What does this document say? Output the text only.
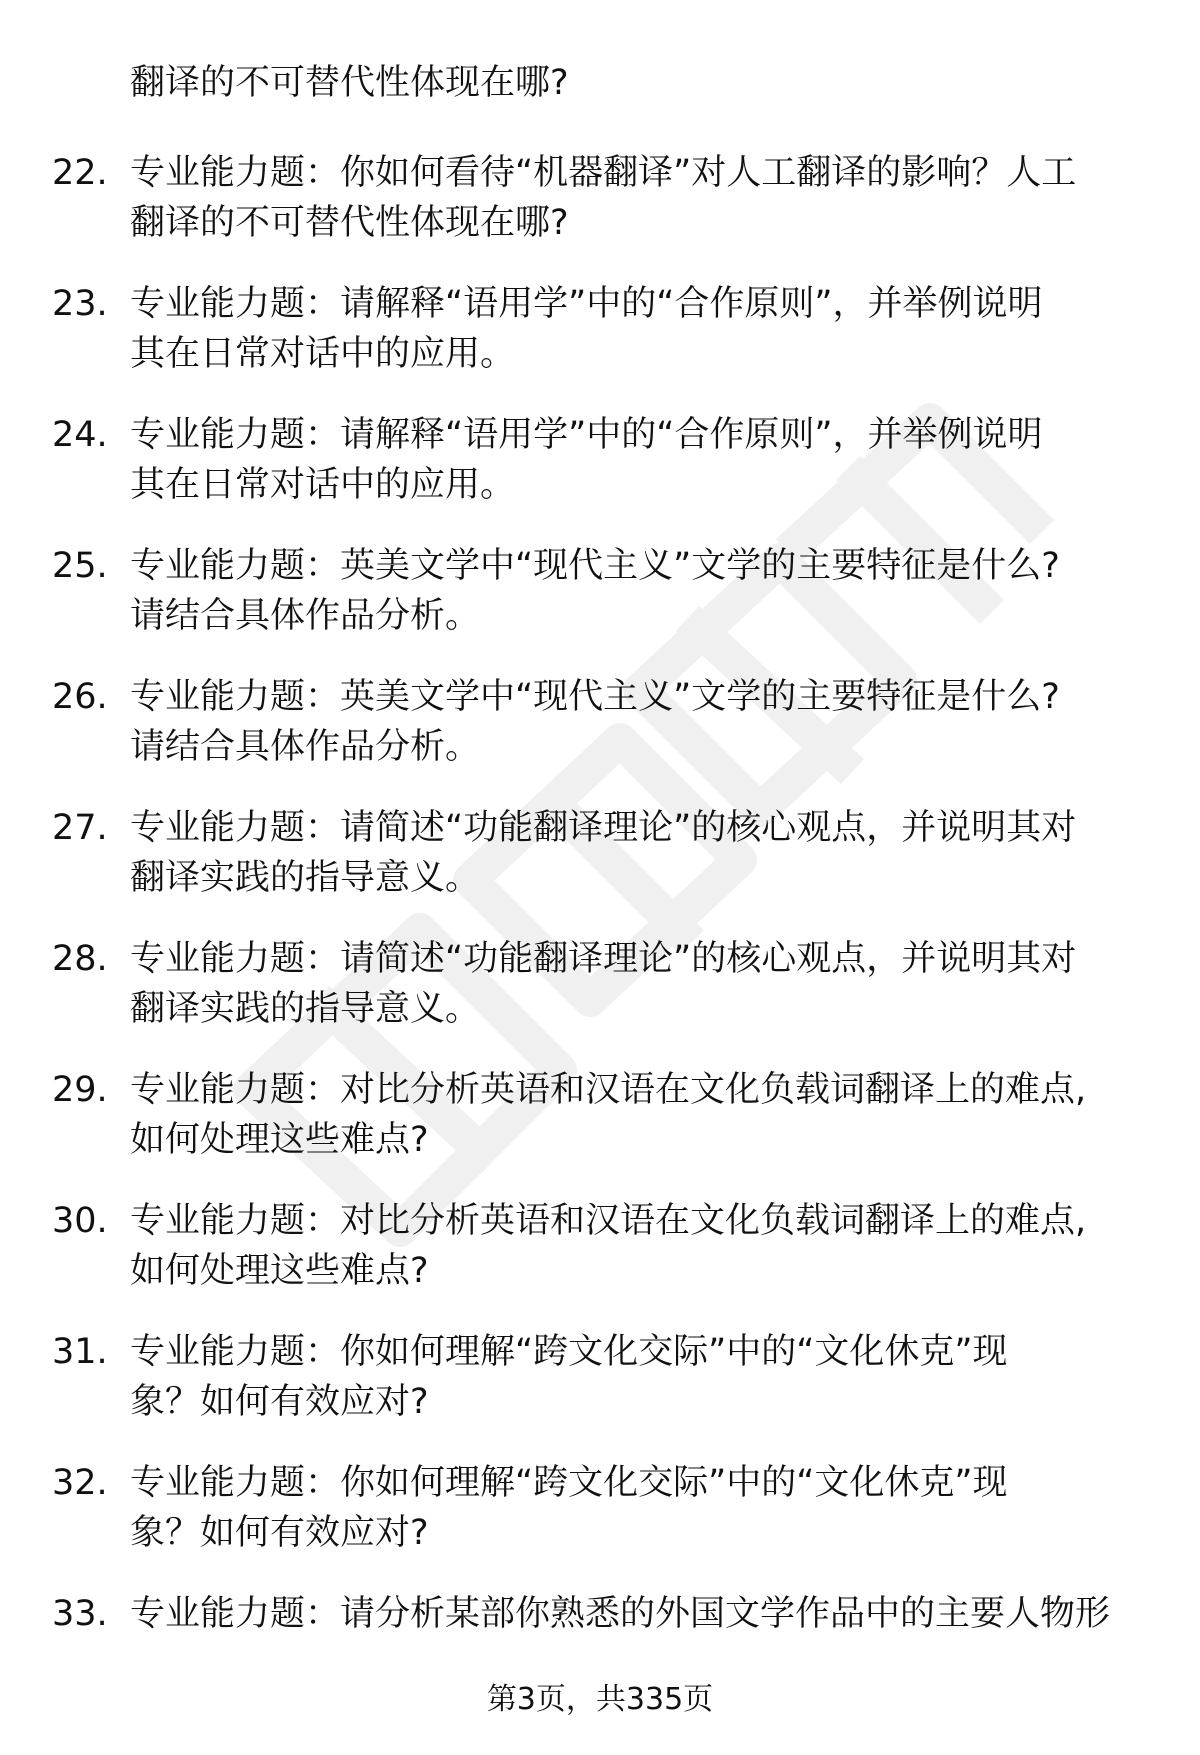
翻译的不可替代性体现在哪?
22. 专业能力题：你如何看待“机器翻译”对人工翻译的影响？人工
翻译的不可替代性体现在哪?
23. 专业能力题：请解释“语用学”中的“合作原则”，并举例说明
其在日常对话中的应用。
24. 专业能力题：请解释“语用学”中的“合作原则”，并举例说明
其在日常对话中的应用。
25. 专业能力题：英美文学中“现代主义”文学的主要特征是什么?
请结合具体作品分析。
26. 专业能力题：英美文学中“现代主义”文学的主要特征是什么?
请结合具体作品分析。
27. 专业能力题：请简述“功能翻译理论”的核心观点，并说明其对
翻译实践的指导意义。
28. 专业能力题：请简述“功能翻译理论”的核心观点，并说明其对
翻译实践的指导意义。
29. 专业能力题：对比分析英语和汉语在文化负载词翻译上的难点,
如何处理这些难点?
30. 专业能力题：对比分析英语和汉语在文化负载词翻译上的难点,
如何处理这些难点?
31. 专业能力题：你如何理解“跨文化交际”中的“文化休克”现
象？如何有效应对?
32. 专业能力题：你如何理解“跨文化交际”中的“文化休克”现
象？如何有效应对?
33. 专业能力题：请分析某部你熟悉的外国文学作品中的主要人物形
第3页，共335页
